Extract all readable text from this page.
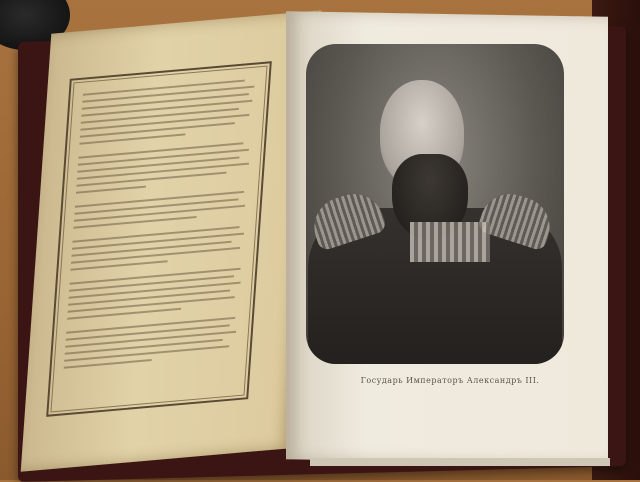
Государь Императоръ Александръ III.
